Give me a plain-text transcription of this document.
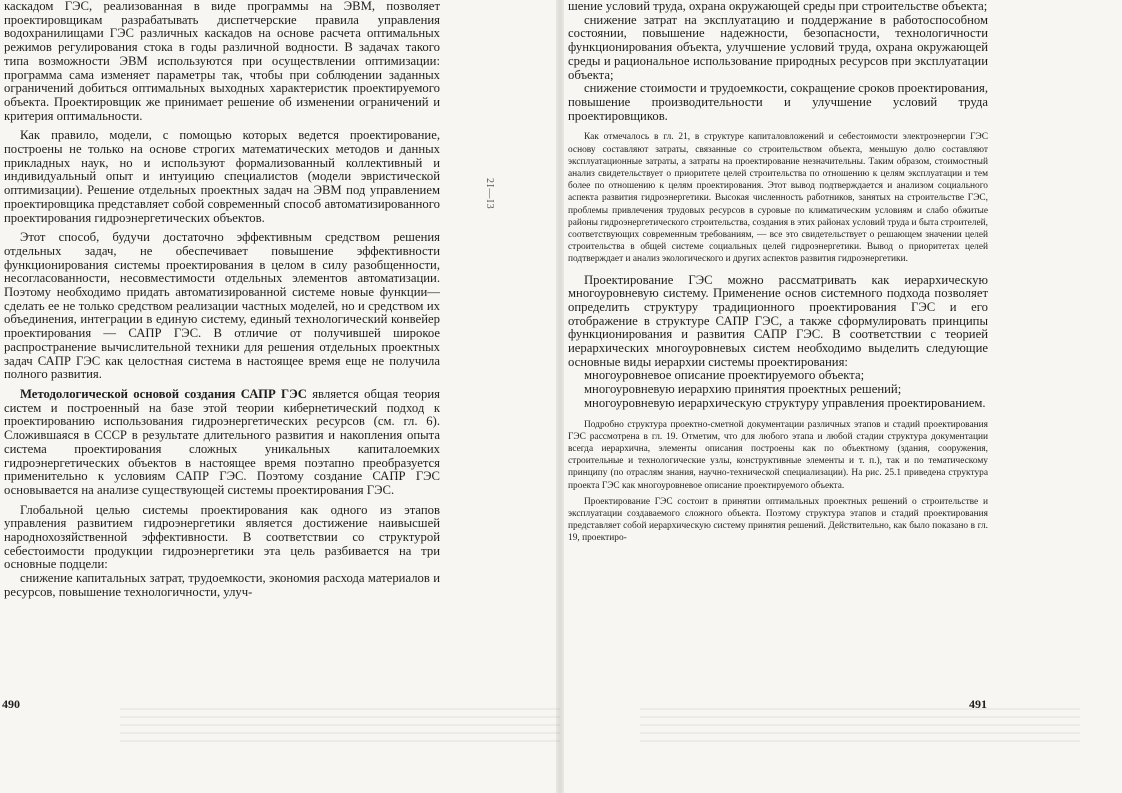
каскадом ГЭС, реализованная в виде программы на ЭВМ, позволяет проектировщикам разрабатывать диспетчерские правила управления водохранилищами ГЭС различных каскадов на основе расчета оптимальных режимов регулирования стока в годы различной водности. В задачах такого типа возможности ЭВМ используются при осуществлении оптимизации: программа сама изменяет параметры так, чтобы при соблюдении заданных ограничений добиться оптимальных выходных характеристик проектируемого объекта. Проектировщик же принимает решение об изменении ограничений и критерия оптимальности.

Как правило, модели, с помощью которых ведется проектирование, построены не только на основе строгих математических методов и данных прикладных наук, но и используют формализованный коллективный и индивидуальный опыт и интуицию специалистов (модели эвристической оптимизации). Решение отдельных проектных задач на ЭВМ под управлением проектировщика представляет собой современный способ автоматизированного проектирования гидроэнергетических объектов.

Этот способ, будучи достаточно эффективным средством решения отдельных задач, не обеспечивает повышение эффективности функционирования системы проектирования в целом в силу разобщенности, несогласованности, несовместимости отдельных элементов автоматизации. Поэтому необходимо придать автоматизированной системе новые функции—сделать ее не только средством реализации частных моделей, но и средством их объединения, интеграции в единую систему, единый технологический конвейер проектирования — САПР ГЭС. В отличие от получившей широкое распространение вычислительной техники для решения отдельных проектных задач САПР ГЭС как целостная система в настоящее время еще не получила полного развития.

Методологической основой создания САПР ГЭС является общая теория систем и построенный на базе этой теории кибернетический подход к проектированию использования гидроэнергетических ресурсов (см. гл. 6). Сложившаяся в СССР в результате длительного развития и накопления опыта система проектирования сложных уникальных капиталоемких гидроэнергетических объектов в настоящее время поэтапно преобразуется применительно к условиям САПР ГЭС. Поэтому создание САПР ГЭС основывается на анализе существующей системы проектирования ГЭС.

Глобальной целью системы проектирования как одного из этапов управления развитием гидроэнергетики является достижение наивысшей народнохозяйственной эффективности. В соответствии со структурой себестоимости продукции гидроэнергетики эта цель разбивается на три основные подцели:

снижение капитальных затрат, трудоемкости, экономия расхода материалов и ресурсов, повышение технологичности, улуч-

490
2I—I3

шение условий труда, охрана окружающей среды при строительстве объекта;

снижение затрат на эксплуатацию и поддержание в работоспособном состоянии, повышение надежности, безопасности, технологичности функционирования объекта, улучшение условий труда, охрана окружающей среды и рациональное использование природных ресурсов при эксплуатации объекта;

снижение стоимости и трудоемкости, сокращение сроков проектирования, повышение производительности и улучшение условий труда проектировщиков.

Как отмечалось в гл. 21, в структуре капиталовложений и себестоимости электроэнергии ГЭС основу составляют затраты, связанные со строительством объекта, меньшую долю составляют эксплуатационные затраты, а затраты на проектирование незначительны. Таким образом, стоимостный анализ свидетельствует о приоритете целей строительства по отношению к целям эксплуатации и тем более по отношению к целям проектирования. Этот вывод подтверждается и анализом социального аспекта развития гидроэнергетики. Высокая численность работников, занятых на строительстве ГЭС, проблемы привлечения трудовых ресурсов в суровые по климатическим условиям и слабо обжитые районы гидроэнергетического строительства, создания в этих районах условий труда и быта строителей, соответствующих современным требованиям, — все это свидетельствует о решающем значении целей строительства в общей системе социальных целей гидроэнергетики. Вывод о приоритетах целей подтверждает и анализ экологического и других аспектов развития гидроэнергетики.

Проектирование ГЭС можно рассматривать как иерархическую многоуровневую систему. Применение основ системного подхода позволяет определить структуру традиционного проектирования ГЭС и его отображение в структуре САПР ГЭС, а также сформулировать принципы функционирования и развития САПР ГЭС. В соответствии с теорией иерархических многоуровневых систем необходимо выделить следующие основные виды иерархии системы проектирования:

многоуровневое описание проектируемого объекта;

многоуровневую иерархию принятия проектных решений;

многоуровневую иерархическую структуру управления проектированием.

Подробно структура проектно-сметной документации различных этапов и стадий проектирования ГЭС рассмотрена в гл. 19. Отметим, что для любого этапа и любой стадии структура документации всегда иерархична, элементы описания построены как по объектному (здания, сооружения, строительные и технологические узлы, конструктивные элементы и т. п.), так и по тематическому принципу (по отраслям знания, научно-технической специализации). На рис. 25.1 приведена структура проекта ГЭС как многоуровневое описание проектируемого объекта.

Проектирование ГЭС состоит в принятии оптимальных проектных решений о строительстве и эксплуатации создаваемого сложного объекта. Поэтому структура этапов и стадий проектирования представляет собой иерархическую систему принятия решений. Действительно, как было показано в гл. 19, проектиро-

491
